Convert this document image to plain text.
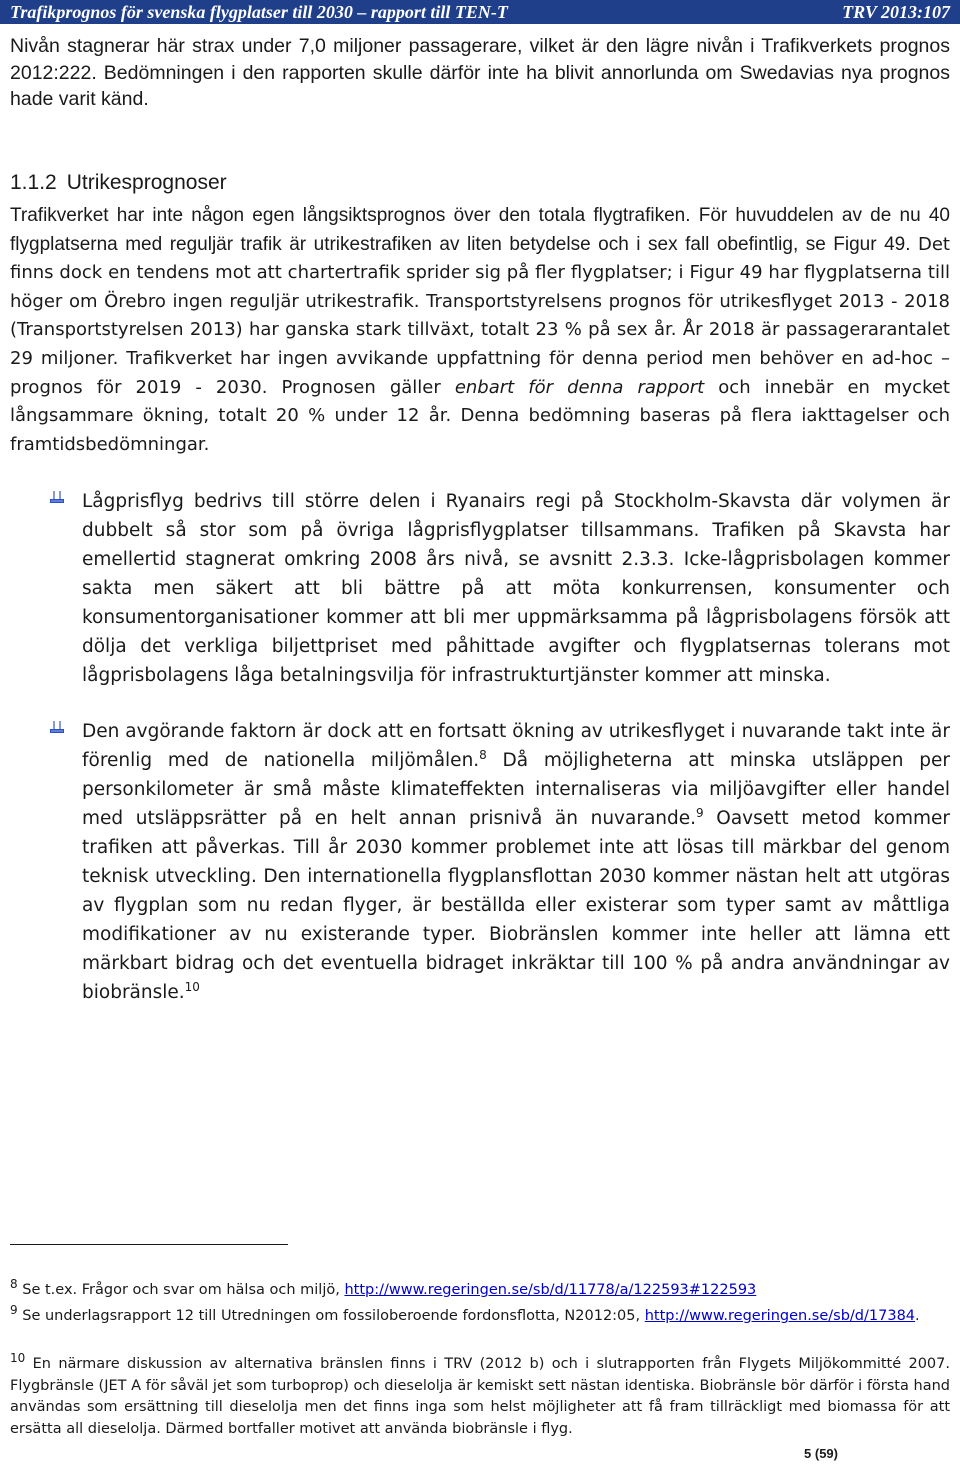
Trafikprognos för svenska flygplatser till 2030 – rapport till TEN-T	TRV 2013:107
Nivån stagnerar här strax under 7,0 miljoner passagerare, vilket är den lägre nivån i Trafikverkets prognos 2012:222. Bedömningen i den rapporten skulle därför inte ha blivit annorlunda om Swedavias nya prognos hade varit känd.
1.1.2 Utrikesprognoser
Trafikverket har inte någon egen långsiktsprognos över den totala flygtrafiken. För huvuddelen av de nu 40 flygplatserna med reguljär trafik är utrikestrafiken av liten betydelse och i sex fall obefintlig, se Figur 49. Det finns dock en tendens mot att chartertrafik sprider sig på fler flygplatser; i Figur 49 har flygplatserna till höger om Örebro ingen reguljär utrikestrafik. Transportstyrelsens prognos för utrikesflyget 2013 - 2018 (Transportstyrelsen 2013) har ganska stark tillväxt, totalt 23 % på sex år. År 2018 är passagerarantalet 29 miljoner. Trafikverket har ingen avvikande uppfattning för denna period men behöver en ad-hoc – prognos för 2019 - 2030. Prognosen gäller enbart för denna rapport och innebär en mycket långsammare ökning, totalt 20 % under 12 år. Denna bedömning baseras på flera iakttagelser och framtidsbedömningar.
Lågprisflyg bedrivs till större delen i Ryanairs regi på Stockholm-Skavsta där volymen är dubbelt så stor som på övriga lågprisflygplatser tillsammans. Trafiken på Skavsta har emellertid stagnerat omkring 2008 års nivå, se avsnitt 2.3.3. Icke-lågprisbolagen kommer sakta men säkert att bli bättre på att möta konkurrensen, konsumenter och konsumentorganisationer kommer att bli mer uppmärksamma på lågprisbolagens försök att dölja det verkliga biljettpriset med påhittade avgifter och flygplatsernas tolerans mot lågprisbolagens låga betalningsvilja för infrastrukturtjänster kommer att minska.
Den avgörande faktorn är dock att en fortsatt ökning av utrikesflyget i nuvarande takt inte är förenlig med de nationella miljömålen.$^8$ Då möjligheterna att minska utsläppen per personkilometer är små måste klimateffekten internaliseras via miljöavgifter eller handel med utsläppsrätter på en helt annan prisnivå än nuvarande.$^9$ Oavsett metod kommer trafiken att påverkas. Till år 2030 kommer problemet inte att lösas till märkbar del genom teknisk utveckling. Den internationella flygplansflottan 2030 kommer nästan helt att utgöras av flygplan som nu redan flyger, är beställda eller existerar som typer samt av måttliga modifikationer av nu existerande typer. Biobränslen kommer inte heller att lämna ett märkbart bidrag och det eventuella bidraget inkräktar till 100 % på andra användningar av biobränsle.$^{10}$
$^8$ Se t.ex. Frågor och svar om hälsa och miljö, http://www.regeringen.se/sb/d/11778/a/122593#122593
$^9$ Se underlagsrapport 12 till Utredningen om fossiloberoende fordonsflotta, N2012:05, http://www.regeringen.se/sb/d/17384.
$^{10}$ En närmare diskussion av alternativa bränslen finns i TRV (2012 b) och i slutrapporten från Flygets Miljökommitté 2007. Flygbränsle (JET A för såväl jet som turboprop) och dieselolja är kemiskt sett nästan identiska. Biobränsle bör därför i första hand användas som ersättning till dieselolja men det finns inga som helst möjligheter att få fram tillräckligt med biomassa för att ersätta all dieselolja. Därmed bortfaller motivet att använda biobränsle i flyg.
5 (59)
